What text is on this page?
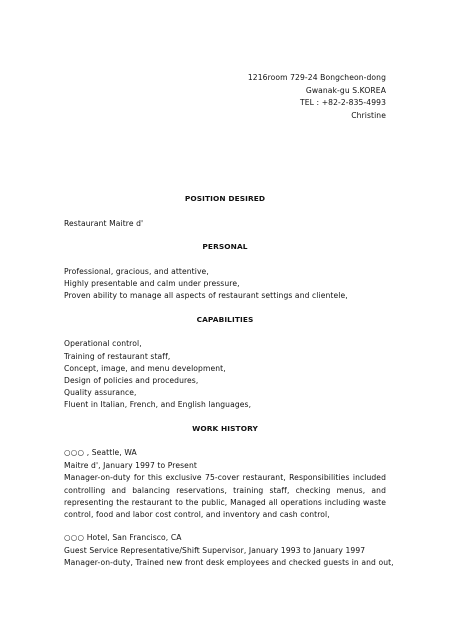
1216room 729-24 Bongcheon-dong
Gwanak-gu S.KOREA
TEL : +82-2-835-4993
Christine
POSITION DESIRED
Restaurant Maitre d'
PERSONAL
Professional, gracious, and attentive,
Highly presentable and calm under pressure,
Proven ability to manage all aspects of restaurant settings and clientele,
CAPABILITIES
Operational control,
Training of restaurant staff,
Concept, image, and menu development,
Design of policies and procedures,
Quality assurance,
Fluent in Italian, French, and English languages,
WORK HISTORY
○○○ , Seattle, WA
Maitre d', January 1997 to Present
Manager-on-duty for this exclusive 75-cover restaurant, Responsibilities included
controlling and balancing reservations, training staff, checking menus, and
representing the restaurant to the public, Managed all operations including waste
control, food and labor cost control, and inventory and cash control,
○○○ Hotel, San Francisco, CA
Guest Service Representative/Shift Supervisor, January 1993 to January 1997
Manager-on-duty, Trained new front desk employees and checked guests in and out,
